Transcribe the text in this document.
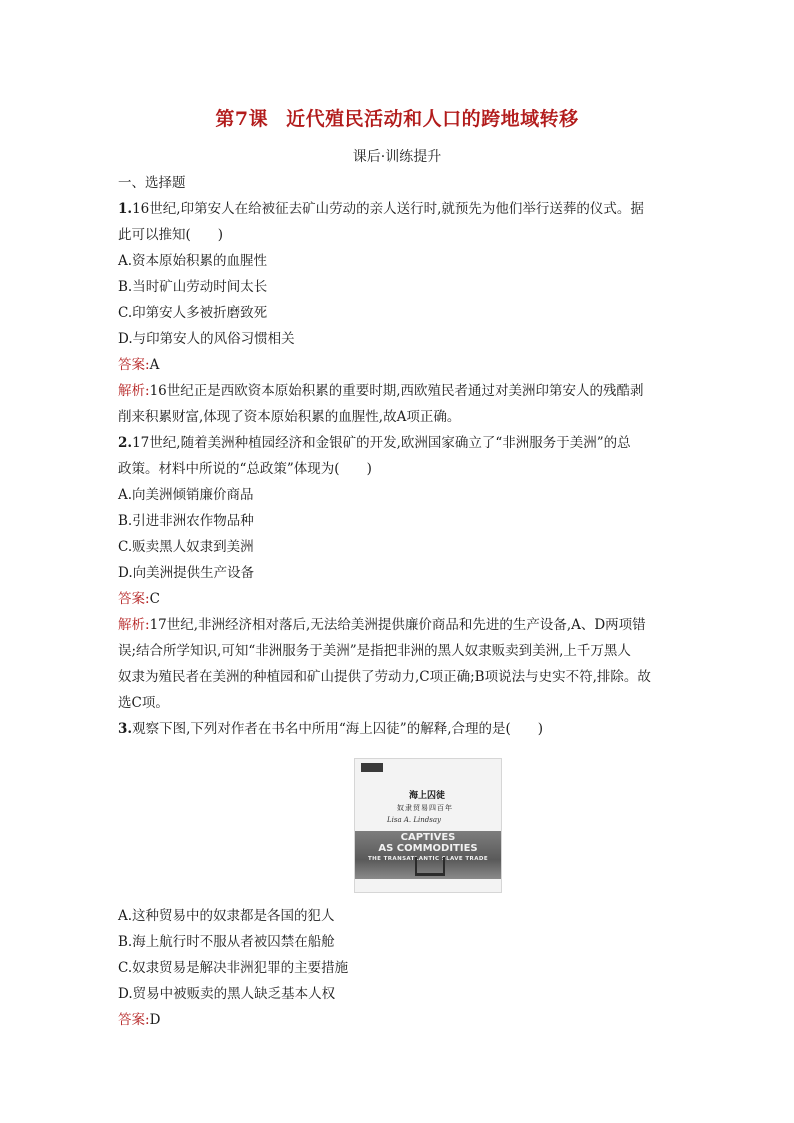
第7课 近代殖民活动和人口的跨地域转移
课后·训练提升
一、选择题
1.16世纪,印第安人在给被征去矿山劳动的亲人送行时,就预先为他们举行送葬的仪式。据
此可以推知(　　)
A.资本原始积累的血腥性
B.当时矿山劳动时间太长
C.印第安人多被折磨致死
D.与印第安人的风俗习惯相关
答案:A
解析:16世纪正是西欧资本原始积累的重要时期,西欧殖民者通过对美洲印第安人的残酷剥
削来积累财富,体现了资本原始积累的血腥性,故A项正确。
2.17世纪,随着美洲种植园经济和金银矿的开发,欧洲国家确立了“非洲服务于美洲”的总
政策。材料中所说的“总政策”体现为(　　)
A.向美洲倾销廉价商品
B.引进非洲农作物品种
C.贩卖黑人奴隶到美洲
D.向美洲提供生产设备
答案:C
解析:17世纪,非洲经济相对落后,无法给美洲提供廉价商品和先进的生产设备,A、D两项错
误;结合所学知识,可知“非洲服务于美洲”是指把非洲的黑人奴隶贩卖到美洲,上千万黑人
奴隶为殖民者在美洲的种植园和矿山提供了劳动力,C项正确;B项说法与史实不符,排除。故
选C项。
3.观察下图,下列对作者在书名中所用“海上囚徒”的解释,合理的是(　　)
海上囚徒
奴隶贸易四百年
Lisa A. Lindsay
CAPTIVES
AS COMMODITIES
THE TRANSATLANTIC SLAVE TRADE
A.这种贸易中的奴隶都是各国的犯人
B.海上航行时不服从者被囚禁在船舱
C.奴隶贸易是解决非洲犯罪的主要措施
D.贸易中被贩卖的黑人缺乏基本人权
答案:D
